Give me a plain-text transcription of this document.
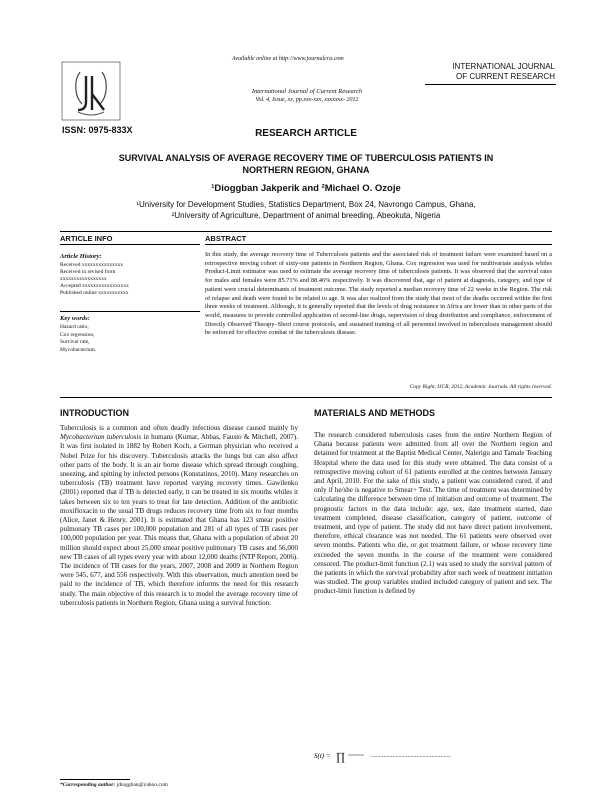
Available online at http://www.journalcra.com
International Journal of Current Research
Vol. 4, Issue, xx, pp.xxx-xxx, xxxxxxx- 2012
INTERNATIONAL JOURNAL
OF CURRENT RESEARCH
ISSN: 0975-833X	RESEARCH ARTICLE
SURVIVAL ANALYSIS OF AVERAGE RECOVERY TIME OF TUBERCULOSIS PATIENTS IN
NORTHERN REGION, GHANA
¹Dioggban Jakperik and ²Michael O. Ozoje
¹University for Development Studies, Statistics Department, Box 24, Navrongo Campus, Ghana,
²University of Agriculture, Department of animal breeding, Abeokuta, Nigeria
ARTICLE INFO	ABSTRACT
Article History:
Received xxxxxxxxxxxxxxx
Received in revised form
xxxxxxxxxxxxxxxxx
Accepted xxxxxxxxxxxxxxxxx
Published online xxxxxxxxxxx
Key words:
Hazard ratio,
Cox regression,
Survival rate,
Mycobacterium.
In this study, the average recovery time of Tuberculosis patients and the associated risk of treatment failure were examined based on a retrospective moving cohort of sixty-one patients in Northern Region, Ghana. Cox regression was used for multivariate analysis whiles Product-Limit estimator was used to estimate the average recovery time of tuberculosis patients. It was observed that the survival rates for males and females were 85.71% and 88.46% respectively. It was discovered that, age of patient at diagnosis, category, and type of patient were crucial determinants of treatment outcome. The study reported a median recovery time of 22 weeks in the Region. The risk of relapse and death were found to be related to age. It was also realized from the study that most of the deaths occurred within the first three weeks of treatment. Although, it is generally reported that the levels of drug resistance in Africa are lower than in other parts of the world, measures to provide controlled application of second-line drugs, supervision of drug distribution and compliance, enforcement of Directly Observed Therapy–Short course protocols, and sustained training of all personnel involved in tuberculosis management should be enforced for effective combat of the tuberculosis disease.
Copy Right, IJCR, 2012, Academic Journals. All rights reserved.
INTRODUCTION

Tuberculosis is a common and often deadly infectious disease caused mainly by Mycobacterium tuberculosis in humans (Kumar, Abbas, Fausto & Mitchell, 2007). It was first isolated in 1882 by Robert Koch, a German physician who received a Nobel Prize for his discovery. Tuberculosis attacks the lungs but can also affect other parts of the body. It is an air borne disease which spread through coughing, sneezing, and spitting by infected persons (Konstatinos, 2010). Many researches on tuberculosis (TB) treatment have reported varying recovery times. Gawilenko (2001) reported that if TB is detected early, it can be treated in six months whiles it takes between six to ten years to treat for late detection. Addition of the antibiotic moxifloxacin to the usual TB drugs reduces recovery time from six to four months (Alice, Janet & Henry, 2001). It is estimated that Ghana has 123 smear positive pulmonary TB cases per 100,000 population and 281 of all types of TB cases per 100,000 population per year. This means that, Ghana with a population of about 20 million should expect about 25,000 smear positive pulmonary TB cases and 56,000 new TB cases of all types every year with about 12,000 deaths (NTP Report, 2006). The incidence of TB cases for the years, 2007, 2008 and 2009 in Northern Region were 545, 677, and 556 respectively. With this observation, much attention need be paid to the incidence of TB, which therefore informs the need for this research study. The main objective of this research is to model the average recovery time of tuberculosis patients in Northern Region, Ghana using a survival function.

MATERIALS AND METHODS
The research considered tuberculosis cases from the entire Northern Region of Ghana because patients were admitted from all over the Northern region and detained for treatment at the Baptist Medical Center, Nalerigu and Tamale Teaching Hospital where the data used for this study were obtained. The data consist of a retrospective moving cohort of 61 patients enrolled at the centres between January and April, 2010. For the sake of this study, a patient was considered cured, if and only if he/she is negative to Smear+ Test. The time of treatment was determined by calculating the difference between time of initiation and outcome of treatment. The prognostic factors in the data include: age, sex, date treatment started, date treatment completed, disease classification, category of patient, outcome of treatment, and type of patient. The study did not have direct patient involvement, therefore, ethical clearance was not needed. The 61 patients were observed over seven months. Patients who die, or got treatment failure, or whose recovery time exceeded the seven months in the course of the treatment were considered censored. The product-limit function (2.1) was used to study the survival pattern of the patients in which the survival probability after each week of treatment initiation was studied. The group variables studied included category of patient and sex. The product-limit function is defined by
S(t) = ∏	......................................................
*Corresponding author: jdioggban@yahoo.com
